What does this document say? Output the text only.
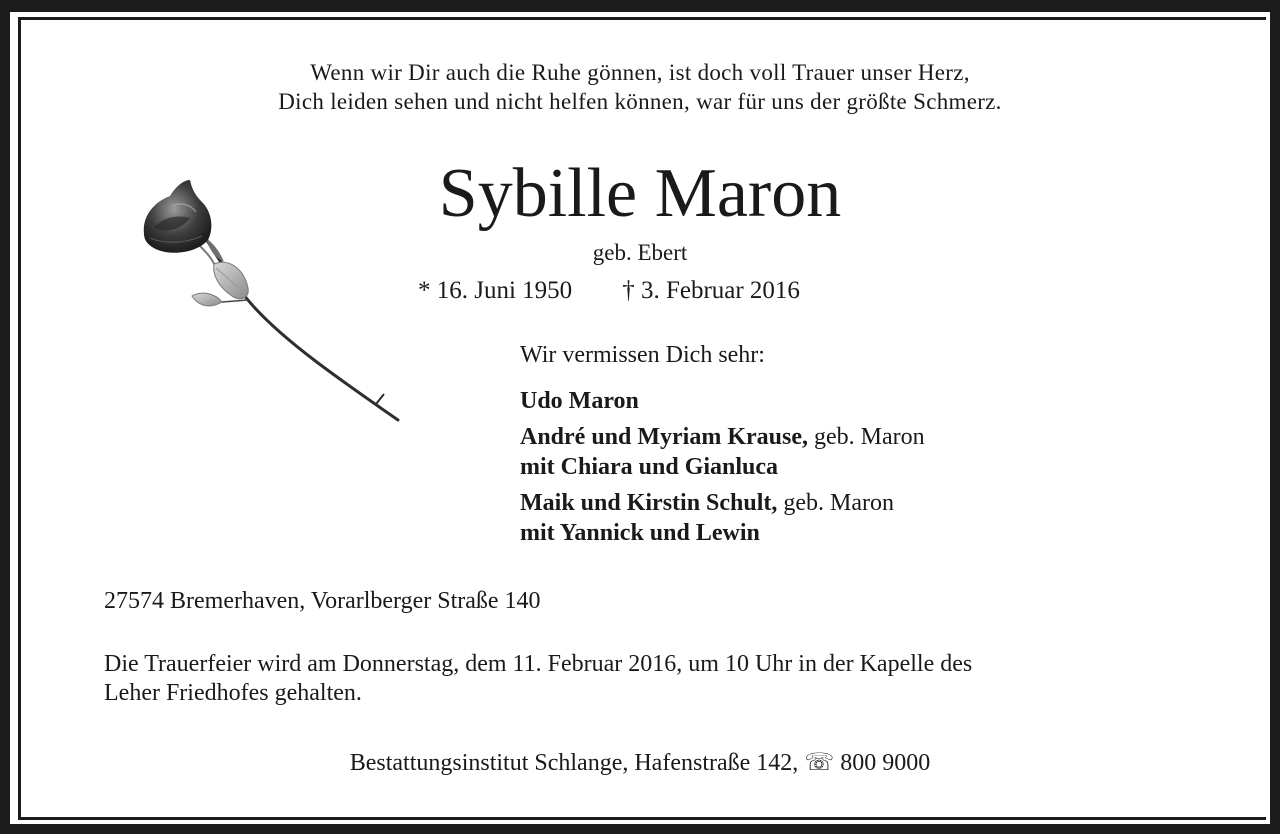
Wenn wir Dir auch die Ruhe gönnen, ist doch voll Trauer unser Herz,
Dich leiden sehen und nicht helfen können, war für uns der größte Schmerz.
Sybille Maron
geb. Ebert
* 16. Juni 1950 † 3. Februar 2016
Wir vermissen Dich sehr:
Udo Maron
André und Myriam Krause, geb. Maron
mit Chiara und Gianluca
Maik und Kirstin Schult, geb. Maron
mit Yannick und Lewin
27574 Bremerhaven, Vorarlberger Straße 140
Die Trauerfeier wird am Donnerstag, dem 11. Februar 2016, um 10 Uhr in der Kapelle des
Leher Friedhofes gehalten.
Bestattungsinstitut Schlange, Hafenstraße 142, ☏ 800 9000
